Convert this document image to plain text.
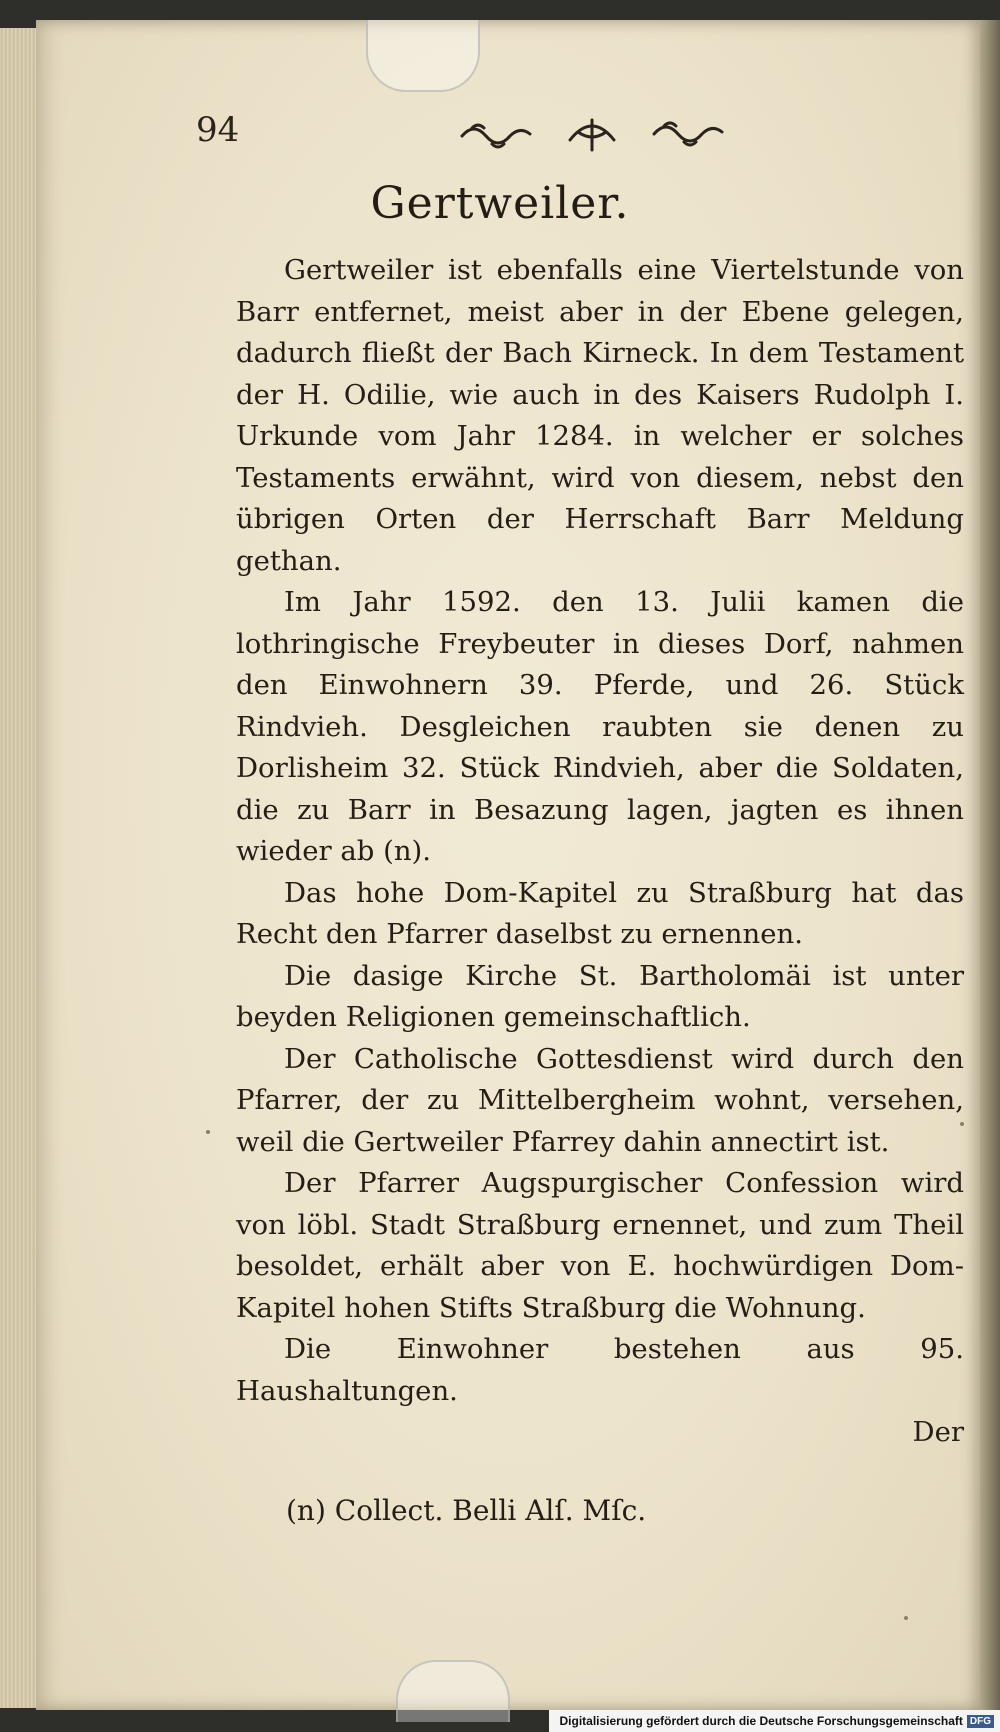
94
Gertweiler.

Gertweiler ist ebenfalls eine Viertelstunde von Barr entfernet, meist aber in der Ebene gelegen, dadurch fließt der Bach Kirneck. In dem Testament der H. Odilie, wie auch in des Kaisers Rudolph I. Urkunde vom Jahr 1284. in welcher er solches Testaments erwähnt, wird von diesem, nebst den übrigen Orten der Herrschaft Barr Meldung gethan.

Im Jahr 1592. den 13. Julii kamen die lothringische Freybeuter in dieses Dorf, nahmen den Einwohnern 39. Pferde, und 26. Stück Rindvieh. Desgleichen raubten sie denen zu Dorlisheim 32. Stück Rindvieh, aber die Soldaten, die zu Barr in Besazung lagen, jagten es ihnen wieder ab (n).

Das hohe Dom-Kapitel zu Straßburg hat das Recht den Pfarrer daselbst zu ernennen.

Die dasige Kirche St. Bartholomäi ist unter beyden Religionen gemeinschaftlich.

Der Catholische Gottesdienst wird durch den Pfarrer, der zu Mittelbergheim wohnt, versehen, weil die Gertweiler Pfarrey dahin annectirt ist.

Der Pfarrer Augspurgischer Confession wird von löbl. Stadt Straßburg ernennet, und zum Theil besoldet, erhält aber von E. hochwürdigen Dom-Kapitel hohen Stifts Straßburg die Wohnung.

Die Einwohner bestehen aus 95. Haushaltungen.

Der
(n) Collect. Belli Alſ. Mſc.
Digitalisierung gefördert durch die Deutsche Forschungsgemeinschaft DFG
